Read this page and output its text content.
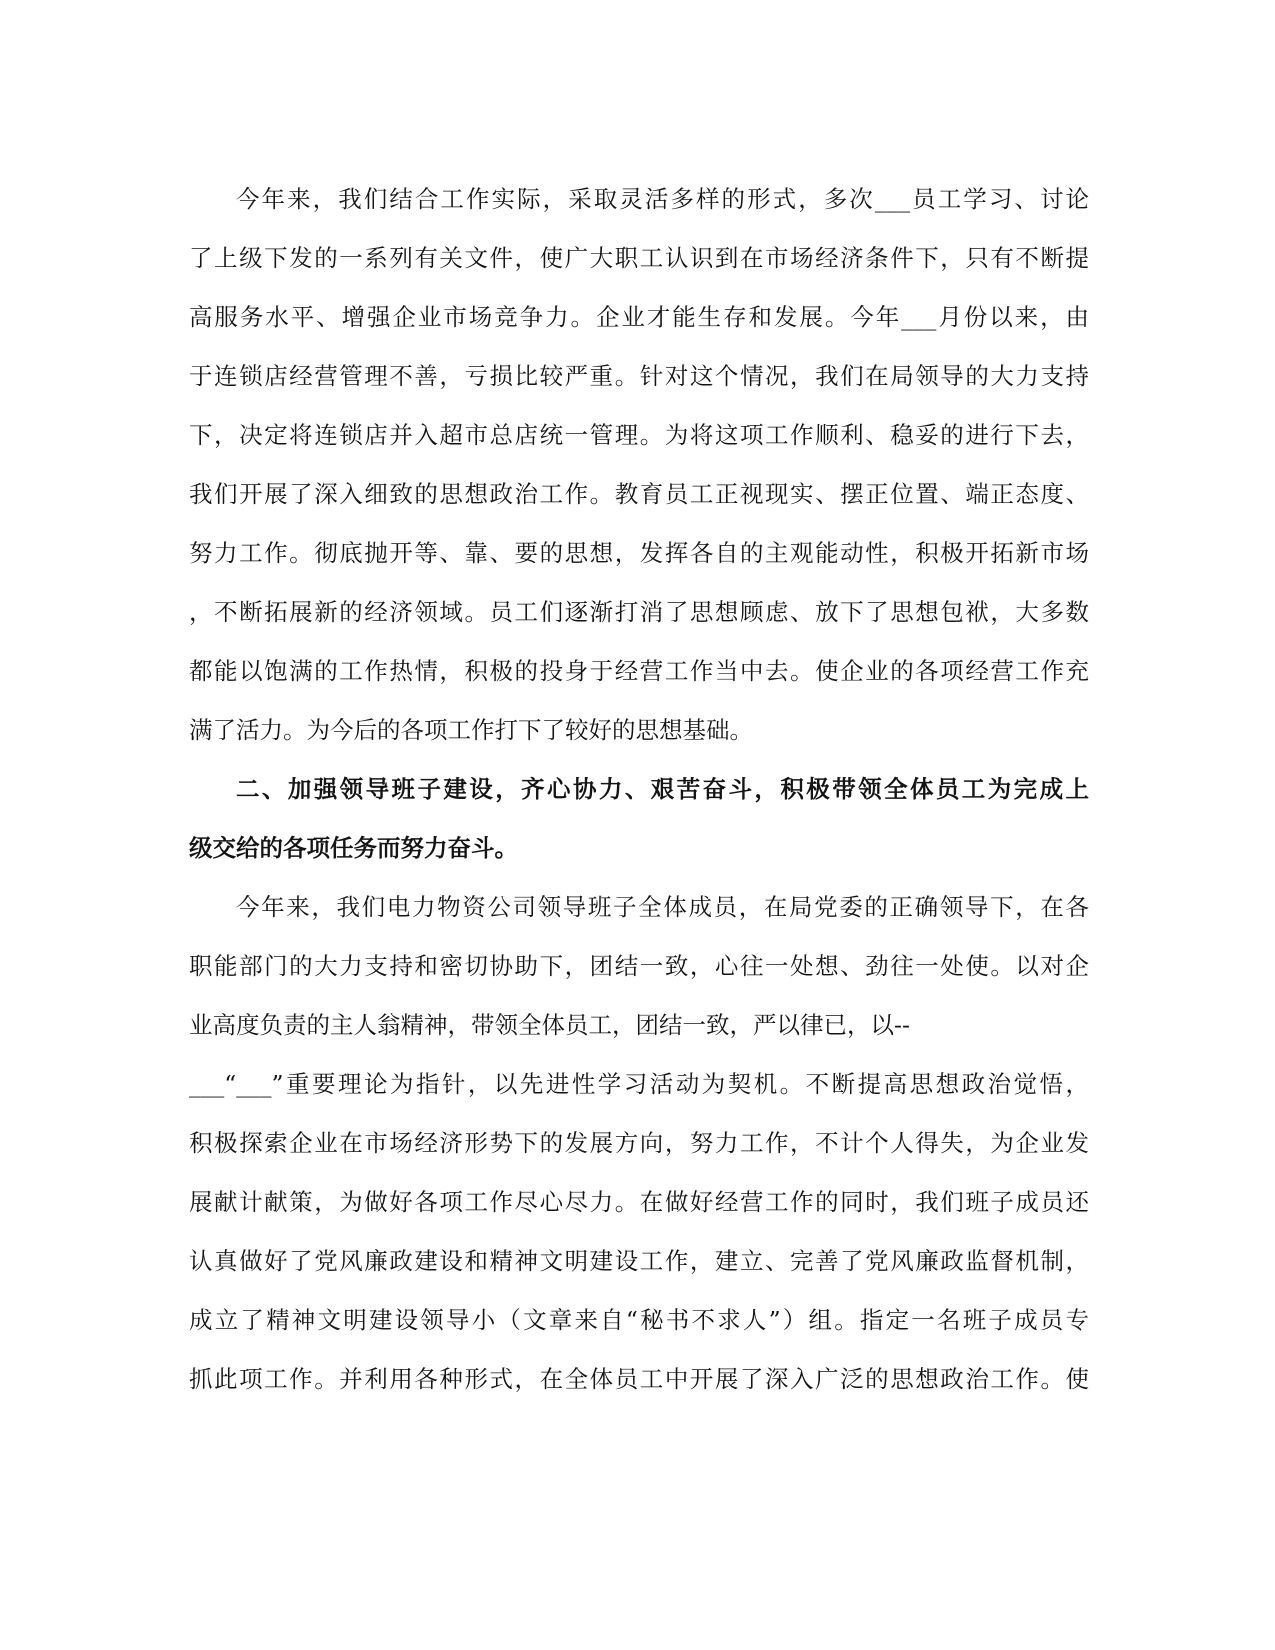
今年来，我们结合工作实际，采取灵活多样的形式，多次___员工学习、讨论
了上级下发的一系列有关文件，使广大职工认识到在市场经济条件下，只有不断提
高服务水平、增强企业市场竞争力。企业才能生存和发展。今年___月份以来，由
于连锁店经营管理不善，亏损比较严重。针对这个情况，我们在局领导的大力支持
下，决定将连锁店并入超市总店统一管理。为将这项工作顺利、稳妥的进行下去，
我们开展了深入细致的思想政治工作。教育员工正视现实、摆正位置、端正态度、
努力工作。彻底抛开等、靠、要的思想，发挥各自的主观能动性，积极开拓新市场
，不断拓展新的经济领域。员工们逐渐打消了思想顾虑、放下了思想包袱，大多数
都能以饱满的工作热情，积极的投身于经营工作当中去。使企业的各项经营工作充
满了活力。为今后的各项工作打下了较好的思想基础。
二、加强领导班子建设，齐心协力、艰苦奋斗，积极带领全体员工为完成上
级交给的各项任务而努力奋斗。
今年来，我们电力物资公司领导班子全体成员，在局党委的正确领导下，在各
职能部门的大力支持和密切协助下，团结一致，心往一处想、劲往一处使。以对企
业高度负责的主人翁精神，带领全体员工，团结一致，严以律已，以--
___“___”重要理论为指针，以先进性学习活动为契机。不断提高思想政治觉悟，
积极探索企业在市场经济形势下的发展方向，努力工作，不计个人得失，为企业发
展献计献策，为做好各项工作尽心尽力。在做好经营工作的同时，我们班子成员还
认真做好了党风廉政建设和精神文明建设工作，建立、完善了党风廉政监督机制，
成立了精神文明建设领导小（文章来自“秘书不求人”）组。指定一名班子成员专
抓此项工作。并利用各种形式，在全体员工中开展了深入广泛的思想政治工作。使
